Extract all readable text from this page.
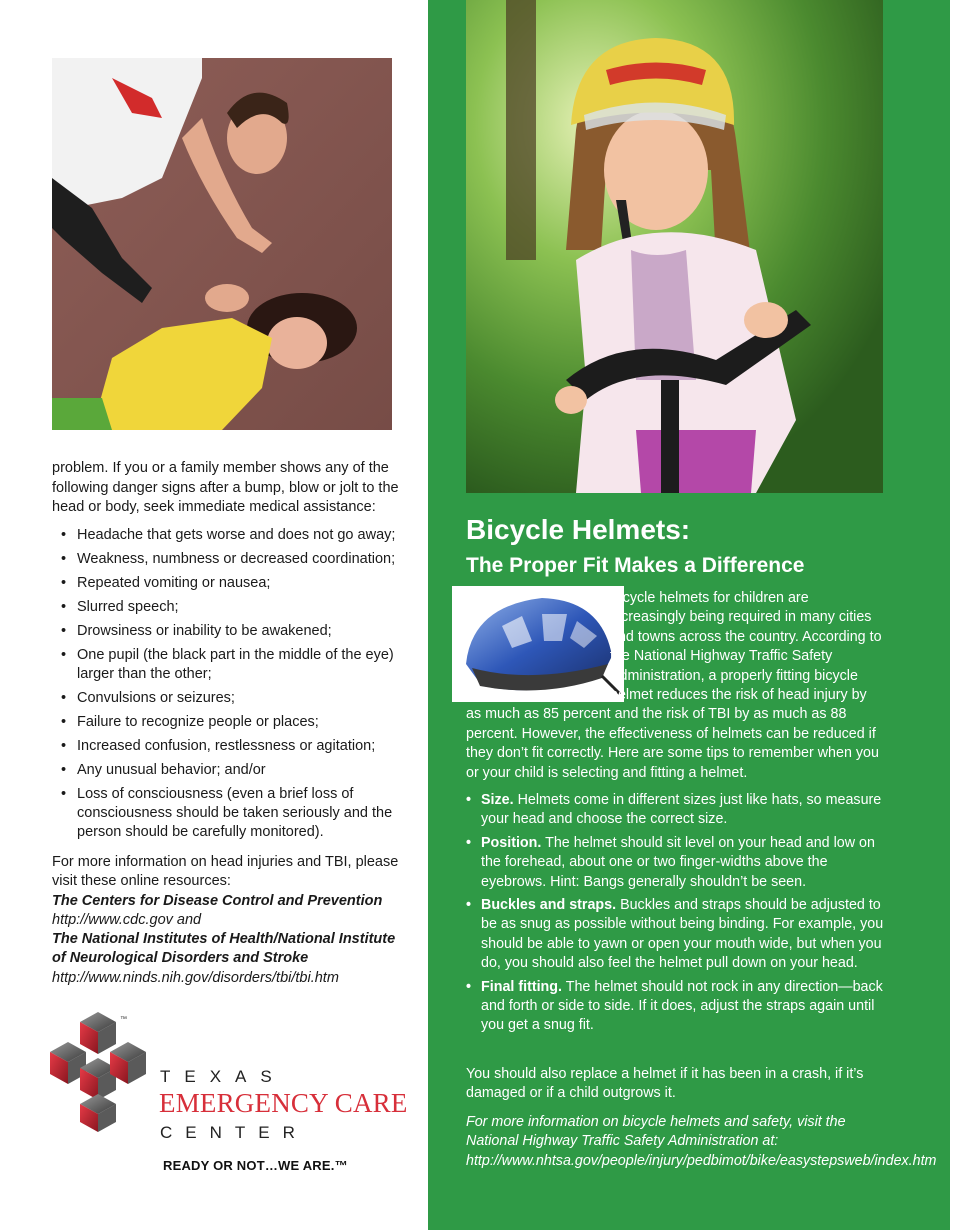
problem. If you or a family member shows any of the following danger signs after a bump, blow or jolt to the head or body, seek immediate medical assistance:
• Headache that gets worse and does not go away;
• Weakness, numbness or decreased coordination;
• Repeated vomiting or nausea;
• Slurred speech;
• Drowsiness or inability to be awakened;
• One pupil (the black part in the middle of the eye) larger than the other;
• Convulsions or seizures;
• Failure to recognize people or places;
• Increased confusion, restlessness or agitation;
• Any unusual behavior; and/or
• Loss of consciousness (even a brief loss of consciousness should be taken seriously and the person should be carefully monitored).
For more information on head injuries and TBI, please visit these online resources:
The Centers for Disease Control and Prevention
http://www.cdc.gov and
The National Institutes of Health/National Institute of Neurological Disorders and Stroke
http://www.ninds.nih.gov/disorders/tbi/tbi.htm
™
TEXAS
EMERGENCY CARE
CENTER
READY OR NOT…WE ARE.™
Bicycle Helmets:
The Proper Fit Makes a Difference
Bicycle helmets for children are increasingly being required in many cities and towns across the country. According to the National Highway Traffic Safety Administration, a properly fitting bicycle helmet reduces the risk of head injury by as much as 85 percent and the risk of TBI by as much as 88 percent. However, the effectiveness of helmets can be reduced if they don’t fit correctly. Here are some tips to remember when you or your child is selecting and fitting a helmet.
• Size. Helmets come in different sizes just like hats, so measure your head and choose the correct size.
• Position. The helmet should sit level on your head and low on the forehead, about one or two finger-widths above the eyebrows. Hint: Bangs generally shouldn’t be seen.
• Buckles and straps. Buckles and straps should be adjusted to be as snug as possible without being binding. For example, you should be able to yawn or open your mouth wide, but when you do, you should also feel the helmet pull down on your head.
• Final fitting. The helmet should not rock in any direction—back and forth or side to side. If it does, adjust the straps again until you get a snug fit.
You should also replace a helmet if it has been in a crash, if it’s damaged or if a child outgrows it.
For more information on bicycle helmets and safety, visit the National Highway Traffic Safety Administration at: http://www.nhtsa.gov/people/injury/pedbimot/bike/easystepsweb/index.htm
